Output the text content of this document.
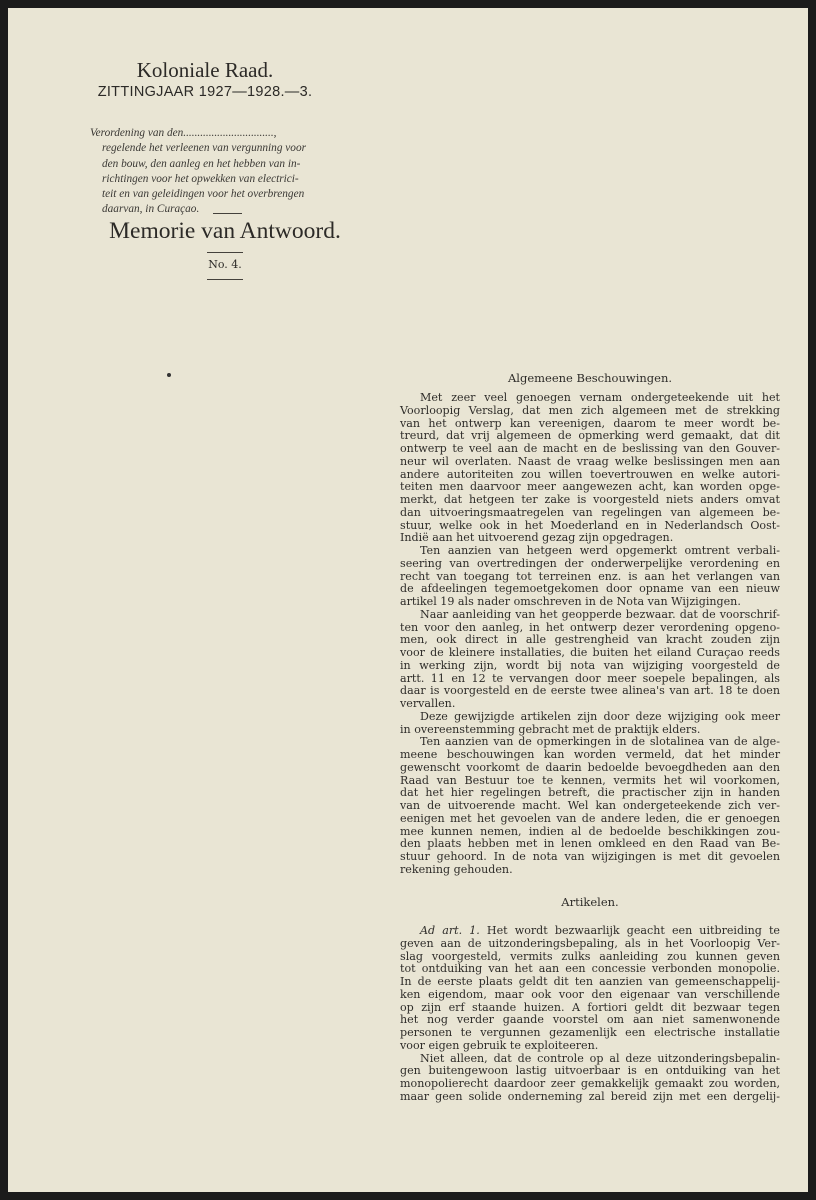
Koloniale Raad.
ZITTINGJAAR 1927—1928.—3.
Verordening van den................................,
regelende het verleenen van vergunning voor
den bouw, den aanleg en het hebben van in-
richtingen voor het opwekken van electrici-
teit en van geleidingen voor het overbrengen
daarvan, in Curaçao.
Memorie van Antwoord.
No. 4.
Algemeene Beschouwingen.
Met zeer veel genoegen vernam ondergeteekende uit het
Voorloopig Verslag, dat men zich algemeen met de strekking
van het ontwerp kan vereenigen, daarom te meer wordt be-
treurd, dat vrij algemeen de opmerking werd gemaakt, dat dit
ontwerp te veel aan de macht en de beslissing van den Gouver-
neur wil overlaten. Naast de vraag welke beslissingen men aan
andere autoriteiten zou willen toevertrouwen en welke autori-
teiten men daarvoor meer aangewezen acht, kan worden opge-
merkt, dat hetgeen ter zake is voorgesteld niets anders omvat
dan uitvoeringsmaatregelen van regelingen van algemeen be-
stuur, welke ook in het Moederland en in Nederlandsch Oost-
Indië aan het uitvoerend gezag zijn opgedragen.
Ten aanzien van hetgeen werd opgemerkt omtrent verbali-
seering van overtredingen der onderwerpelijke verordening en
recht van toegang tot terreinen enz. is aan het verlangen van
de afdeelingen tegemoetgekomen door opname van een nieuw
artikel 19 als nader omschreven in de Nota van Wijzigingen.
Naar aanleiding van het geopperde bezwaar. dat de voorschrif-
ten voor den aanleg, in het ontwerp dezer verordening opgeno-
men, ook direct in alle gestrengheid van kracht zouden zijn
voor de kleinere installaties, die buiten het eiland Curaçao reeds
in werking zijn, wordt bij nota van wijziging voorgesteld de
artt. 11 en 12 te vervangen door meer soepele bepalingen, als
daar is voorgesteld en de eerste twee alinea's van art. 18 te doen
vervallen.
Deze gewijzigde artikelen zijn door deze wijziging ook meer
in overeenstemming gebracht met de praktijk elders.
Ten aanzien van de opmerkingen in de slotalinea van de alge-
meene beschouwingen kan worden vermeld, dat het minder
gewenscht voorkomt de daarin bedoelde bevoegdheden aan den
Raad van Bestuur toe te kennen, vermits het wil voorkomen,
dat het hier regelingen betreft, die practischer zijn in handen
van de uitvoerende macht. Wel kan ondergeteekende zich ver-
eenigen met het gevoelen van de andere leden, die er genoegen
mee kunnen nemen, indien al de bedoelde beschikkingen zou-
den plaats hebben met in lenen omkleed en den Raad van Be-
stuur gehoord. In de nota van wijzigingen is met dit gevoelen
rekening gehouden.
Artikelen.
Ad art. 1. Het wordt bezwaarlijk geacht een uitbreiding te
geven aan de uitzonderingsbepaling, als in het Voorloopig Ver-
slag voorgesteld, vermits zulks aanleiding zou kunnen geven
tot ontduiking van het aan een concessie verbonden monopolie.
In de eerste plaats geldt dit ten aanzien van gemeenschappelij-
ken eigendom, maar ook voor den eigenaar van verschillende
op zijn erf staande huizen. A fortiori geldt dit bezwaar tegen
het nog verder gaande voorstel om aan niet samenwonende
personen te vergunnen gezamenlijk een electrische installatie
voor eigen gebruik te exploiteeren.
Niet alleen, dat de controle op al deze uitzonderingsbepalin-
gen buitengewoon lastig uitvoerbaar is en ontduiking van het
monopolierecht daardoor zeer gemakkelijk gemaakt zou worden,
maar geen solide onderneming zal bereid zijn met een dergelij-
